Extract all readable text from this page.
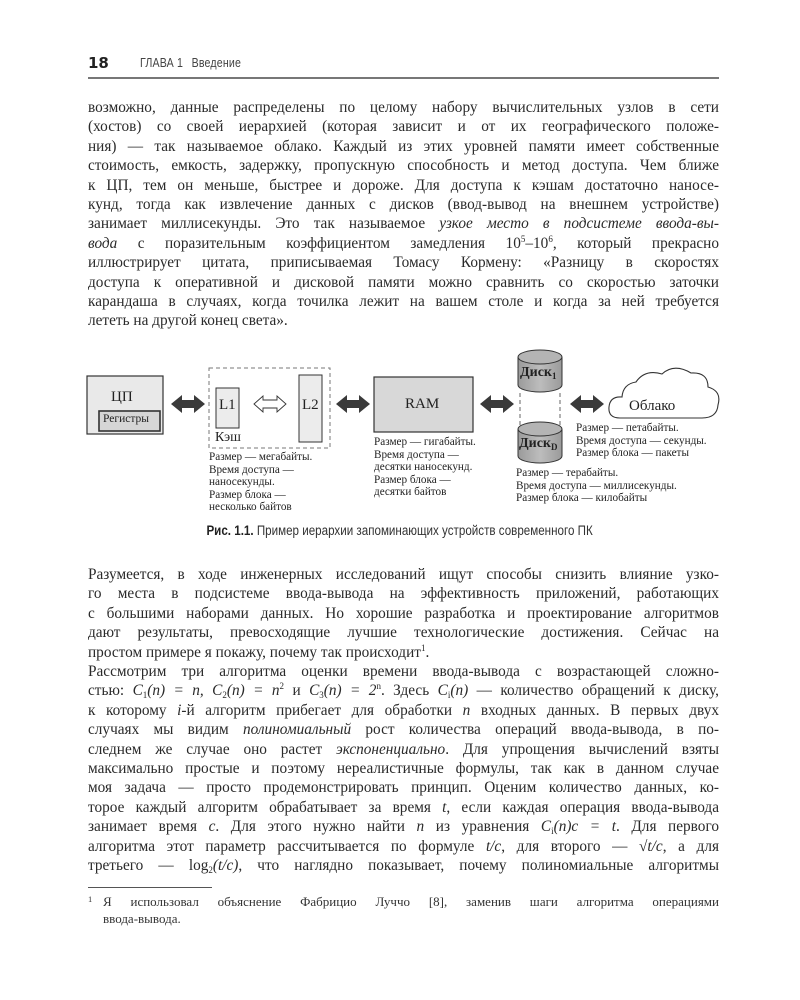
18 ГЛАВА 1 Введение
возможно, данные распределены по целому набору вычислительных узлов в сети
(хостов) со своей иерархией (которая зависит и от их географического положе-
ния) — так называемое облако. Каждый из этих уровней памяти имеет собственные
стоимость, емкость, задержку, пропускную способность и метод доступа. Чем ближе
к ЦП, тем он меньше, быстрее и дороже. Для доступа к кэшам достаточно наносе-
кунд, тогда как извлечение данных с дисков (ввод-вывод на внешнем устройстве)
занимает миллисекунды. Это так называемое узкое место в подсистеме ввода-вы-
вода с поразительным коэффициентом замедления $10^5-10^6$, который прекрасно
иллюстрирует цитата, приписываемая Томасу Кормену: «Разницу в скоростях
доступа к оперативной и дисковой памяти можно сравнить со скоростью заточки
карандаша в случаях, когда точилка лежит на вашем столе и когда за ней требуется
лететь на другой конец света».
ЦП
Регистры
L1	L2
Кэш
RAM
Диск$_1$
Диск$_D$
Облако
Размер — мегабайты.
Время доступа —
наносекунды.
Размер блока —
несколько байтов
Размер — гигабайты.
Время доступа —
десятки наносекунд.
Размер блока —
десятки байтов
Размер — терабайты.
Время доступа — миллисекунды.
Размер блока — килобайты
Размер — петабайты.
Время доступа — секунды.
Размер блока — пакеты
Рис. 1.1. Пример иерархии запоминающих устройств современного ПК
Разумеется, в ходе инженерных исследований ищут способы снизить влияние узко-
го места в подсистеме ввода-вывода на эффективность приложений, работающих
с большими наборами данных. Но хорошие разработка и проектирование алгоритмов
дают результаты, превосходящие лучшие технологические достижения. Сейчас на
простом примере я покажу, почему так происходит$^1$.
Рассмотрим три алгоритма оценки времени ввода-вывода с возрастающей сложно-
стью: $C_1(n) = n$, $C_2(n) = n^2$ и $C_3(n) = 2^n$. Здесь $C_i(n)$ — количество обращений к диску,
к которому i-й алгоритм прибегает для обработки n входных данных. В первых двух
случаях мы видим полиномиальный рост количества операций ввода-вывода, в по-
следнем же случае оно растет экспоненциально. Для упрощения вычислений взяты
максимально простые и поэтому нереалистичные формулы, так как в данном случае
моя задача — просто продемонстрировать принцип. Оценим количество данных, ко-
торое каждый алгоритм обрабатывает за время t, если каждая операция ввода-вывода
занимает время c. Для этого нужно найти n из уравнения $C_i(n)c = t$. Для первого
алгоритма этот параметр рассчитывается по формуле t/c, для второго — √t/c, а для
третьего — $\log_2(t/c)$, что наглядно показывает, почему полиномиальные алгоритмы
1 Я использовал объяснение Фабрицио Луччо [8], заменив шаги алгоритма операциями
ввода-вывода.
